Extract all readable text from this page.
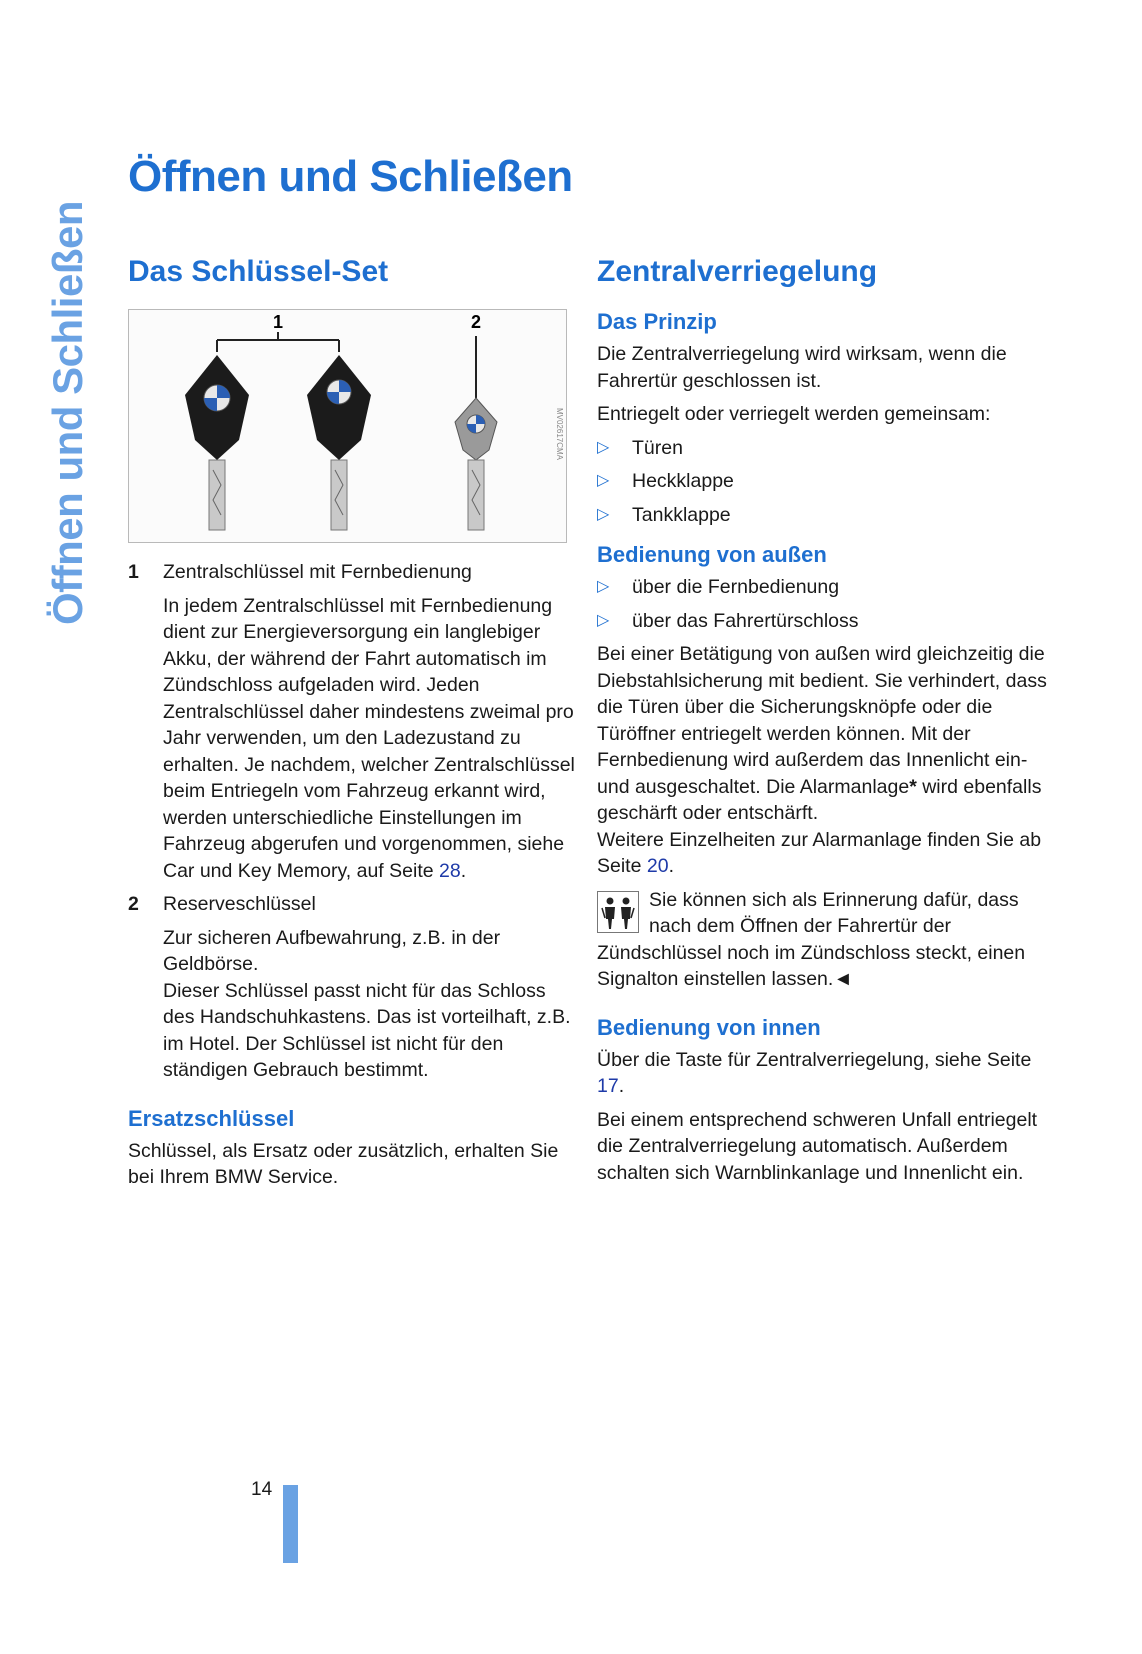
Öffnen und Schließen
Öffnen und Schließen
Das Schlüssel-Set
1	2
MV02617CMA
1	Zentralschlüssel mit Fernbedienung

In jedem Zentralschlüssel mit Fernbedienung dient zur Energieversorgung ein langlebiger Akku, der während der Fahrt automatisch im Zündschloss aufgeladen wird. Jeden Zentralschlüssel daher mindestens zweimal pro Jahr verwenden, um den Ladezustand zu erhalten. Je nachdem, welcher Zentralschlüssel beim Entriegeln vom Fahrzeug erkannt wird, werden unterschiedliche Einstellungen im Fahrzeug abgerufen und vorgenommen, siehe Car und Key Memory, auf Seite 28.

2	Reserveschlüssel

Zur sicheren Aufbewahrung, z.B. in der Geldbörse.

Dieser Schlüssel passt nicht für das Schloss des Handschuhkastens. Das ist vorteilhaft, z.B. im Hotel. Der Schlüssel ist nicht für den ständigen Gebrauch bestimmt.

Ersatzschlüssel

Schlüssel, als Ersatz oder zusätzlich, erhalten Sie bei Ihrem BMW Service.

Zentralverriegelung
Das Prinzip

Die Zentralverriegelung wird wirksam, wenn die Fahrertür geschlossen ist.

Entriegelt oder verriegelt werden gemeinsam:

▷	Türen
▷	Heckklappe
▷	Tankklappe
Bedienung von außen
▷	über die Fernbedienung
▷	über das Fahrertürschloss

Bei einer Betätigung von außen wird gleichzeitig die Diebstahlsicherung mit bedient. Sie verhindert, dass die Türen über die Sicherungsknöpfe oder die Türöffner entriegelt werden können. Mit der Fernbedienung wird außerdem das Innenlicht ein- und ausgeschaltet. Die Alarmanlage* wird ebenfalls geschärft oder entschärft.

Weitere Einzelheiten zur Alarmanlage finden Sie ab Seite 20.

Sie können sich als Erinnerung dafür, dass nach dem Öffnen der Fahrertür der Zündschlüssel noch im Zündschloss steckt, einen Signalton einstellen lassen.◄

Bedienung von innen

Über die Taste für Zentralverriegelung, siehe Seite 17.

Bei einem entsprechend schweren Unfall entriegelt die Zentralverriegelung automatisch. Außerdem schalten sich Warnblinkanlage und Innenlicht ein.

14
